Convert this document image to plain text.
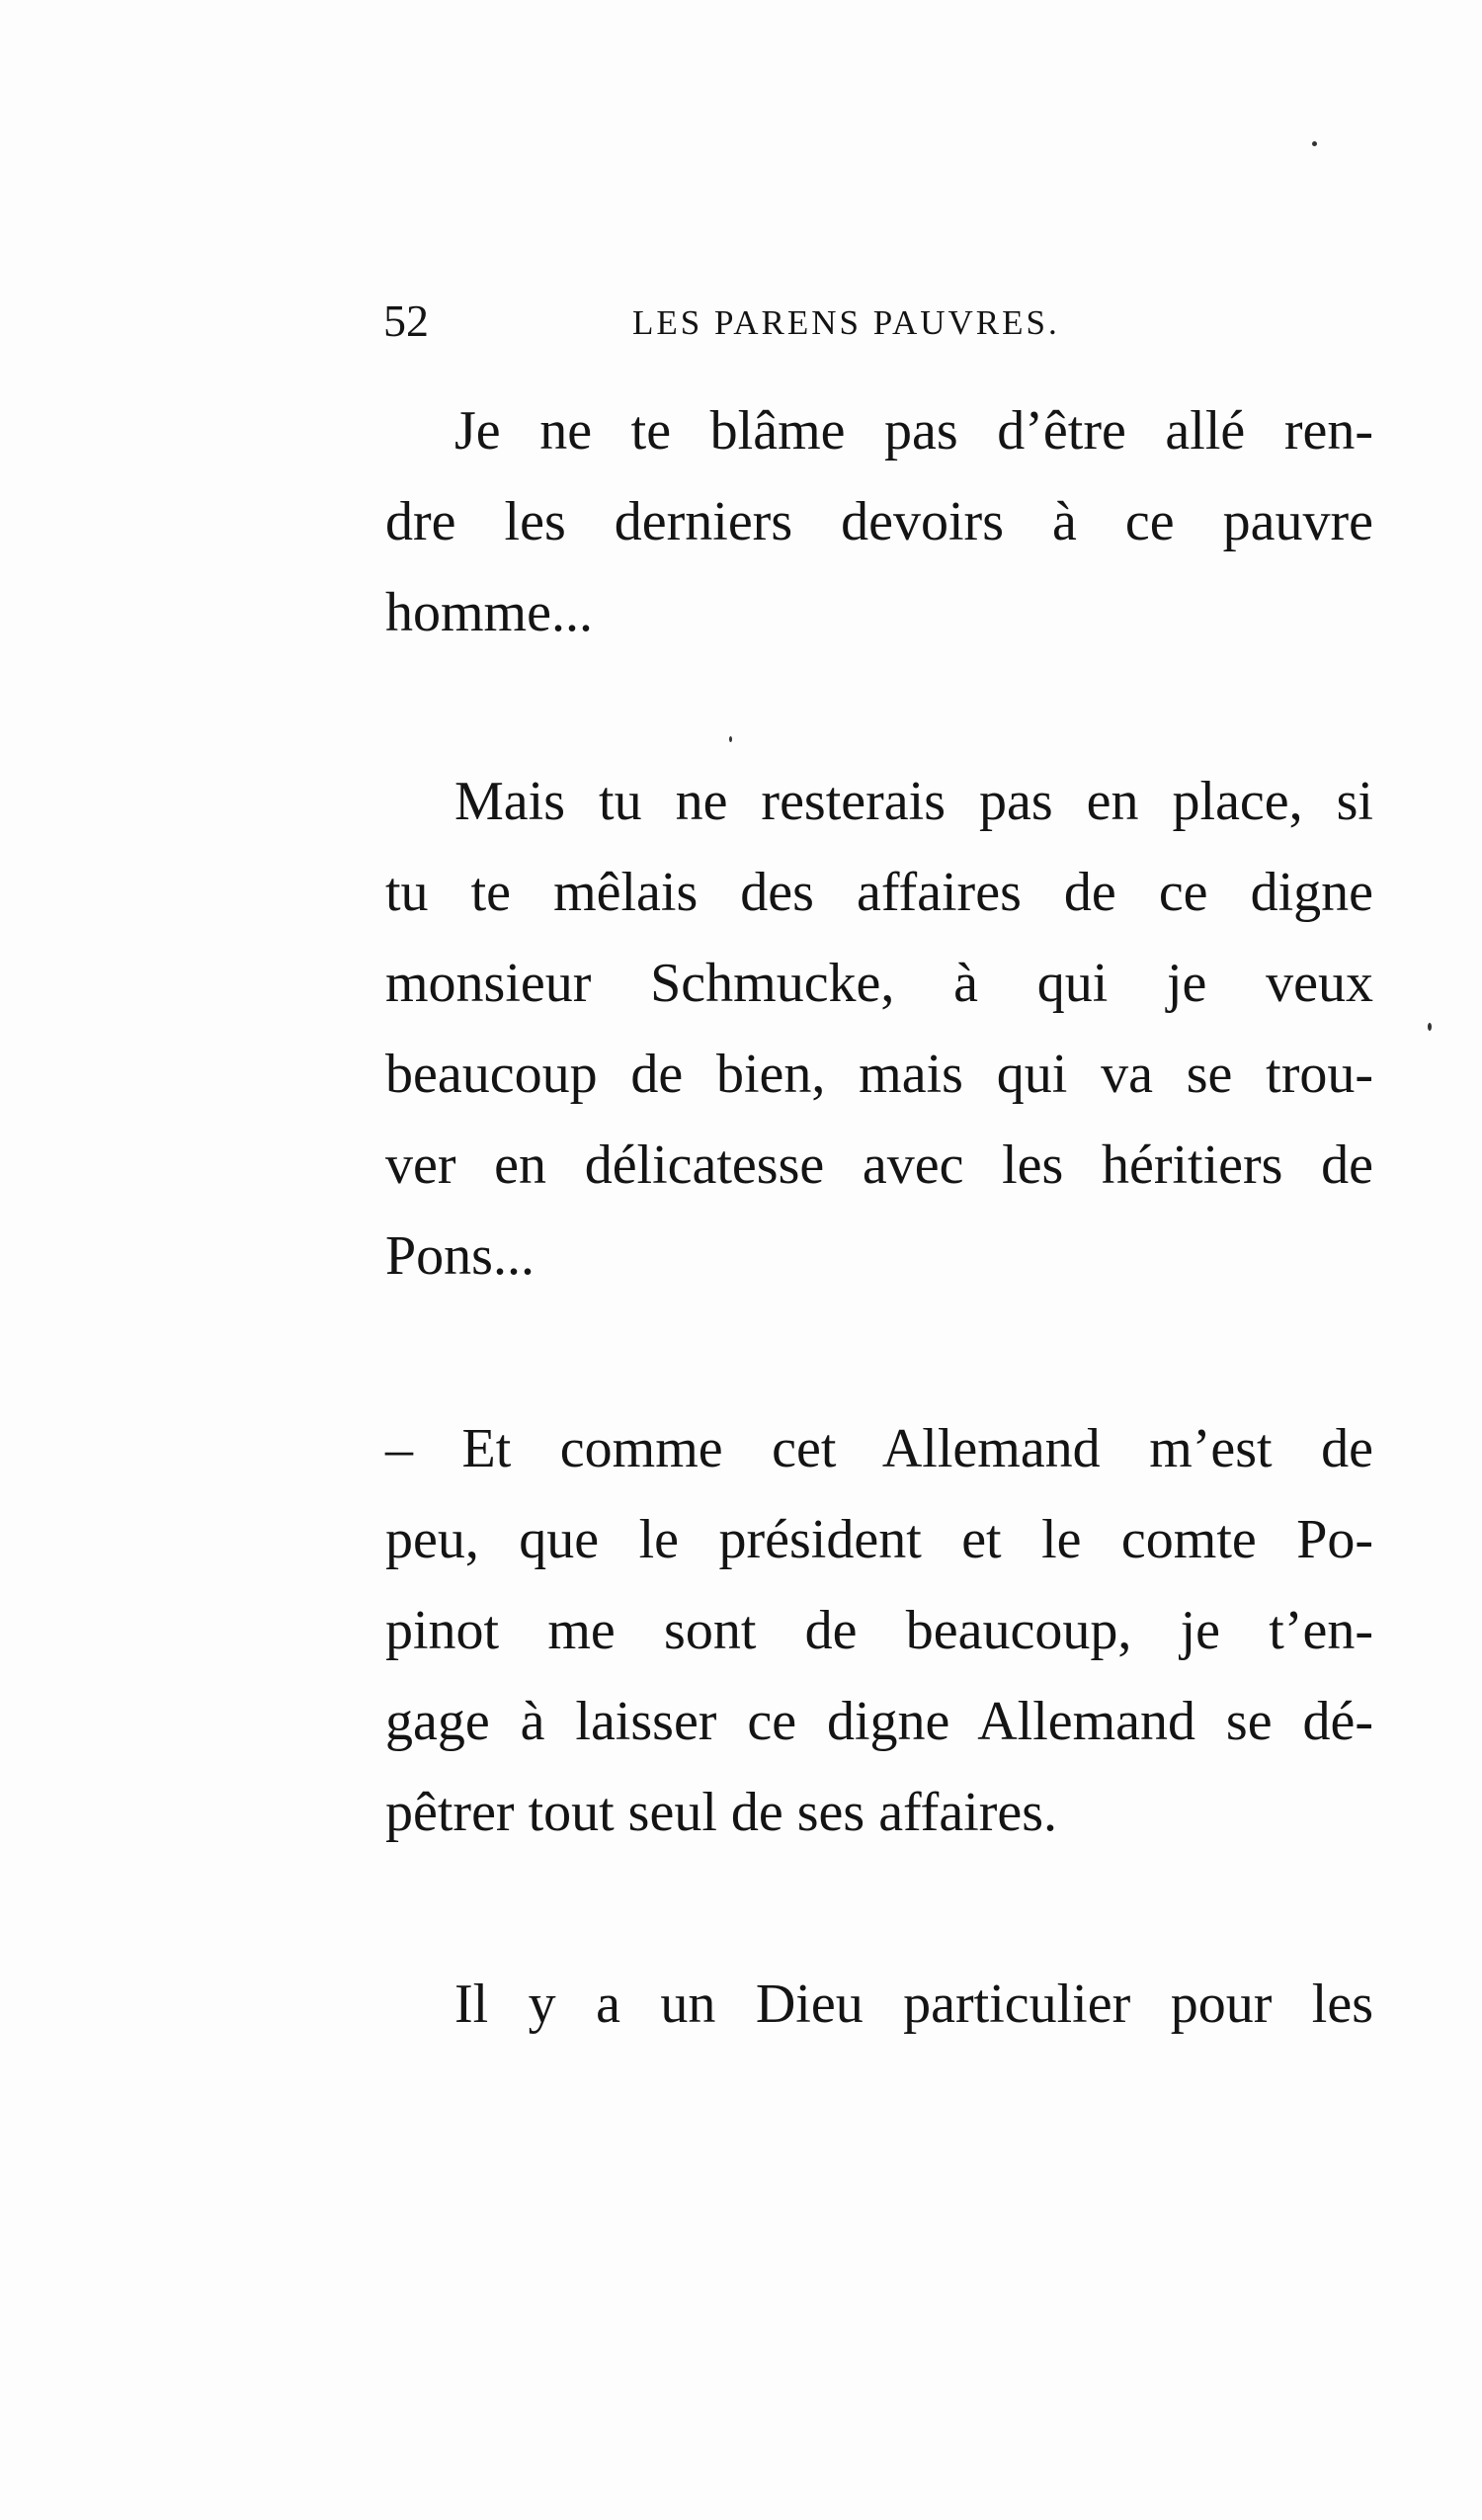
52	LES PARENS PAUVRES.
Je ne te blâme pas d’être allé ren-
dre les derniers devoirs à ce pauvre
homme...
Mais tu ne resterais pas en place, si
tu te mêlais des affaires de ce digne
monsieur Schmucke, à qui je veux
beaucoup de bien, mais qui va se trou-
ver en délicatesse avec les héritiers de
Pons...
– Et comme cet Allemand m’est de
peu, que le président et le comte Po-
pinot me sont de beaucoup, je t’en-
gage à laisser ce digne Allemand se dé-
pêtrer tout seul de ses affaires.
Il y a un Dieu particulier pour les
